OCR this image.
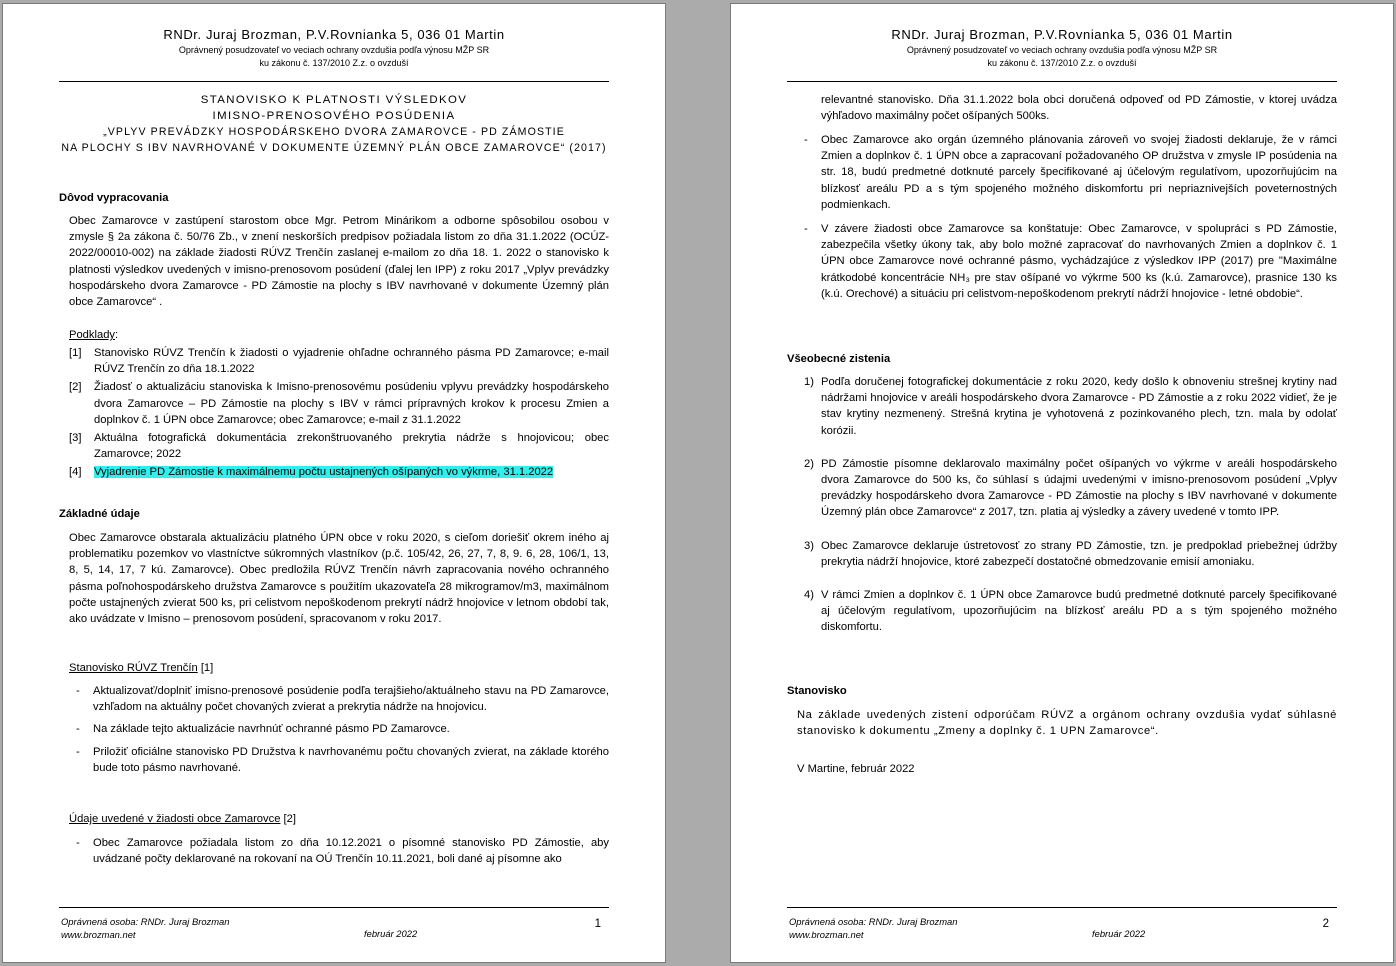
RNDr. Juraj Brozman, P.V.Rovnianka 5, 036 01 Martin
Oprávnený posudzovateľ vo veciach ochrany ovzdušia podľa výnosu MŽP SR
ku zákonu č. 137/2010 Z.z. o ovzduší
STANOVISKO K PLATNOSTI VÝSLEDKOV
IMISNO-PRENOSOVÉHO POSÚDENIA
„VPLYV PREVÁDZKY HOSPODÁRSKEHO DVORA ZAMAROVCE - PD ZÁMOSTIE
NA PLOCHY S IBV NAVRHOVANÉ V DOKUMENTE ÚZEMNÝ PLÁN OBCE ZAMAROVCE“ (2017)
Dôvod vypracovania

Obec Zamarovce v zastúpení starostom obce Mgr. Petrom Minárikom a odborne spôsobilou osobou v zmysle § 2a zákona č. 50/76 Zb., v znení neskorších predpisov požiadala listom zo dňa 31.1.2022 (OCÚZ-2022/00010-002) na základe žiadosti RÚVZ Trenčín zaslanej e-mailom zo dňa 18. 1. 2022 o stanovisko k platnosti výsledkov uvedených v imisno-prenosovom posúdení (ďalej len IPP) z roku 2017 „Vplyv prevádzky hospodárskeho dvora Zamarovce - PD Zámostie na plochy s IBV navrhované v dokumente Územný plán obce Zamarovce“ .

Podklady:
[1]	Stanovisko RÚVZ Trenčín k žiadosti o vyjadrenie ohľadne ochranného pásma PD Zamarovce; e-mail RÚVZ Trenčín zo dňa 18.1.2022
[2]	Žiadosť o aktualizáciu stanoviska k Imisno-prenosovému posúdeniu vplyvu prevádzky hospodárskeho dvora Zamarovce – PD Zámostie na plochy s IBV v rámci prípravných krokov k procesu Zmien a doplnkov č. 1 ÚPN obce Zamarovce; obec Zamarovce; e-mail z 31.1.2022
[3]	Aktuálna fotografická dokumentácia zrekonštruovaného prekrytia nádrže s hnojovicou; obec Zamarovce; 2022
[4]	Vyjadrenie PD Zámostie k maximálnemu počtu ustajnených ošípaných vo výkrme, 31.1.2022
Základné údaje

Obec Zamarovce obstarala aktualizáciu platného ÚPN obce v roku 2020, s cieľom doriešiť okrem iného aj problematiku pozemkov vo vlastníctve súkromných vlastníkov (p.č. 105/42, 26, 27, 7, 8, 9. 6, 28, 106/1, 13, 8, 5, 14, 17, 7 kú. Zamarovce). Obec predložila RÚVZ Trenčín návrh zapracovania nového ochranného pásma poľnohospodárskeho družstva Zamarovce s použitím ukazovateľa 28 mikrogramov/m3, maximálnom počte ustajnených zvierat 500 ks, pri celistvom nepoškodenom prekrytí nádrž hnojovice v letnom období tak, ako uvádzate v Imisno – prenosovom posúdení, spracovanom v roku 2017.

Stanovisko RÚVZ Trenčín [1]
-	Aktualizovať/doplniť imisno-prenosové posúdenie podľa terajšieho/aktuálneho stavu na PD Zamarovce, vzhľadom na aktuálny počet chovaných zvierat a prekrytia nádrže na hnojovicu.
-	Na základe tejto aktualizácie navrhnúť ochranné pásmo PD Zamarovce.
-	Priložiť oficiálne stanovisko PD Družstva k navrhovanému počtu chovaných zvierat, na základe ktorého bude toto pásmo navrhované.
Údaje uvedené v žiadosti obce Zamarovce [2]
-	Obec Zamarovce požiadala listom zo dňa 10.12.2021 o písomné stanovisko PD Zámostie, aby uvádzané počty deklarované na rokovaní na OÚ Trenčín 10.11.2021, boli dané aj písomne ako
Oprávnená osoba: RNDr. Juraj Brozman
www.brozman.net	február 2022
1
RNDr. Juraj Brozman, P.V.Rovnianka 5, 036 01 Martin
Oprávnený posudzovateľ vo veciach ochrany ovzdušia podľa výnosu MŽP SR
ku zákonu č. 137/2010 Z.z. o ovzduší
relevantné stanovisko. Dňa 31.1.2022 bola obci doručená odpoveď od PD Zámostie, v ktorej uvádza výhľadovo maximálny počet ošípaných 500ks.
-	Obec Zamarovce ako orgán územného plánovania zároveň vo svojej žiadosti deklaruje, že v rámci Zmien a doplnkov č. 1 ÚPN obce a zapracovaní požadovaného OP družstva v zmysle IP posúdenia na str. 18, budú predmetné dotknuté parcely špecifikované aj účelovým regulatívom, upozorňujúcim na blízkosť areálu PD a s tým spojeného možného diskomfortu pri nepriaznivejších poveternostných podmienkach.
-	V závere žiadosti obce Zamarovce sa konštatuje: Obec Zamarovce, v spolupráci s PD Zámostie, zabezpečila všetky úkony tak, aby bolo možné zapracovať do navrhovaných Zmien a doplnkov č. 1 ÚPN obce Zamarovce nové ochranné pásmo, vychádzajúce z výsledkov IPP (2017) pre "Maximálne krátkodobé koncentrácie NH₃ pre stav ošípané vo výkrme 500 ks (k.ú. Zamarovce), prasnice 130 ks (k.ú. Orechové) a situáciu pri celistvom-nepoškodenom prekrytí nádrží hnojovice - letné obdobie“.
Všeobecné zistenia
1) Podľa doručenej fotografickej dokumentácie z roku 2020, kedy došlo k obnoveniu strešnej krytiny nad nádržami hnojovice v areáli hospodárskeho dvora Zamarovce - PD Zámostie a z roku 2022 vidieť, že je stav krytiny nezmenený. Strešná krytina je vyhotovená z pozinkovaného plech, tzn. mala by odolať korózii.
2) PD Zámostie písomne deklarovalo maximálny počet ošípaných vo výkrme v areáli hospodárskeho dvora Zamarovce do 500 ks, čo súhlasí s údajmi uvedenými v imisno-prenosovom posúdení „Vplyv prevádzky hospodárskeho dvora Zamarovce - PD Zámostie na plochy s IBV navrhované v dokumente Územný plán obce Zamarovce“ z 2017, tzn. platia aj výsledky a závery uvedené v tomto IPP.
3) Obec Zamarovce deklaruje ústretovosť zo strany PD Zámostie, tzn. je predpoklad priebežnej údržby prekrytia nádrží hnojovice, ktoré zabezpečí dostatočné obmedzovanie emisií amoniaku.
4) V rámci Zmien a doplnkov č. 1 ÚPN obce Zamarovce budú predmetné dotknuté parcely špecifikované aj účelovým regulatívom, upozorňujúcim na blízkosť areálu PD a s tým spojeného možného diskomfortu.
Stanovisko

Na základe uvedených zistení odporúčam RÚVZ a orgánom ochrany ovzdušia vydať súhlasné stanovisko k dokumentu „Zmeny a doplnky č. 1 UPN Zamarovce“.

V Martine, február 2022
Oprávnená osoba: RNDr. Juraj Brozman
www.brozman.net	február 2022
2
